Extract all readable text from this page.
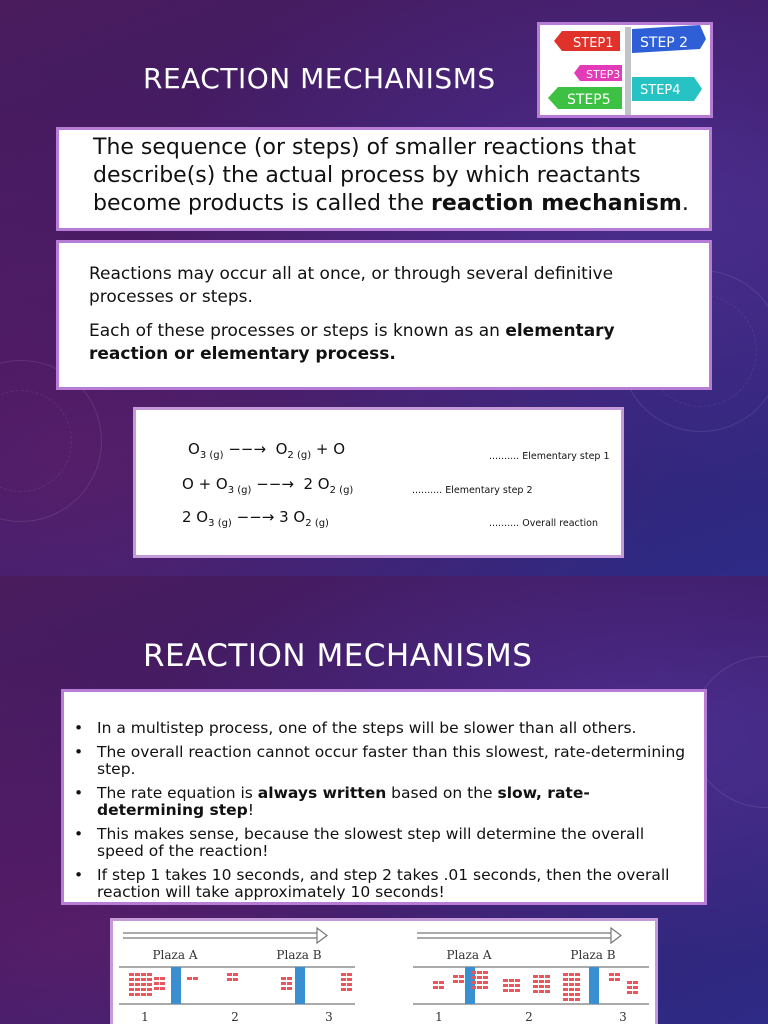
REACTION MECHANISMS
STEP1 STEP 2
STEP3
STEP5
STEP4
The sequence (or steps) of smaller reactions that describe(s) the actual process by which reactants become products is called the reaction mechanism.

Reactions may occur all at once, or through several definitive processes or steps.

Each of these processes or steps is known as an elementary reaction or elementary process.

$O_{3 (g)}$ −−→ $O_{2 (g)} + O$	.......... Elementary step 1
$O + O_{3 (g)}$ −−→ 2 $O_{2 (g)}$	.......... Elementary step 2
2 $O_{3 (g)}$ −−→ 3 $O_{2 (g)}$	.......... Overall reaction
REACTION MECHANISMS
• In a multistep process, one of the steps will be slower than all others.
• The overall reaction cannot occur faster than this slowest, rate-determining step.
• The rate equation is always written based on the slow, rate-determining step!
• This makes sense, because the slowest step will determine the overall speed of the reaction!
• If step 1 takes 10 seconds, and step 2 takes .01 seconds, then the overall reaction will take approximately 10 seconds!
Plaza A	Plaza B
1	2	3
Plaza A	Plaza B
1	2	3
